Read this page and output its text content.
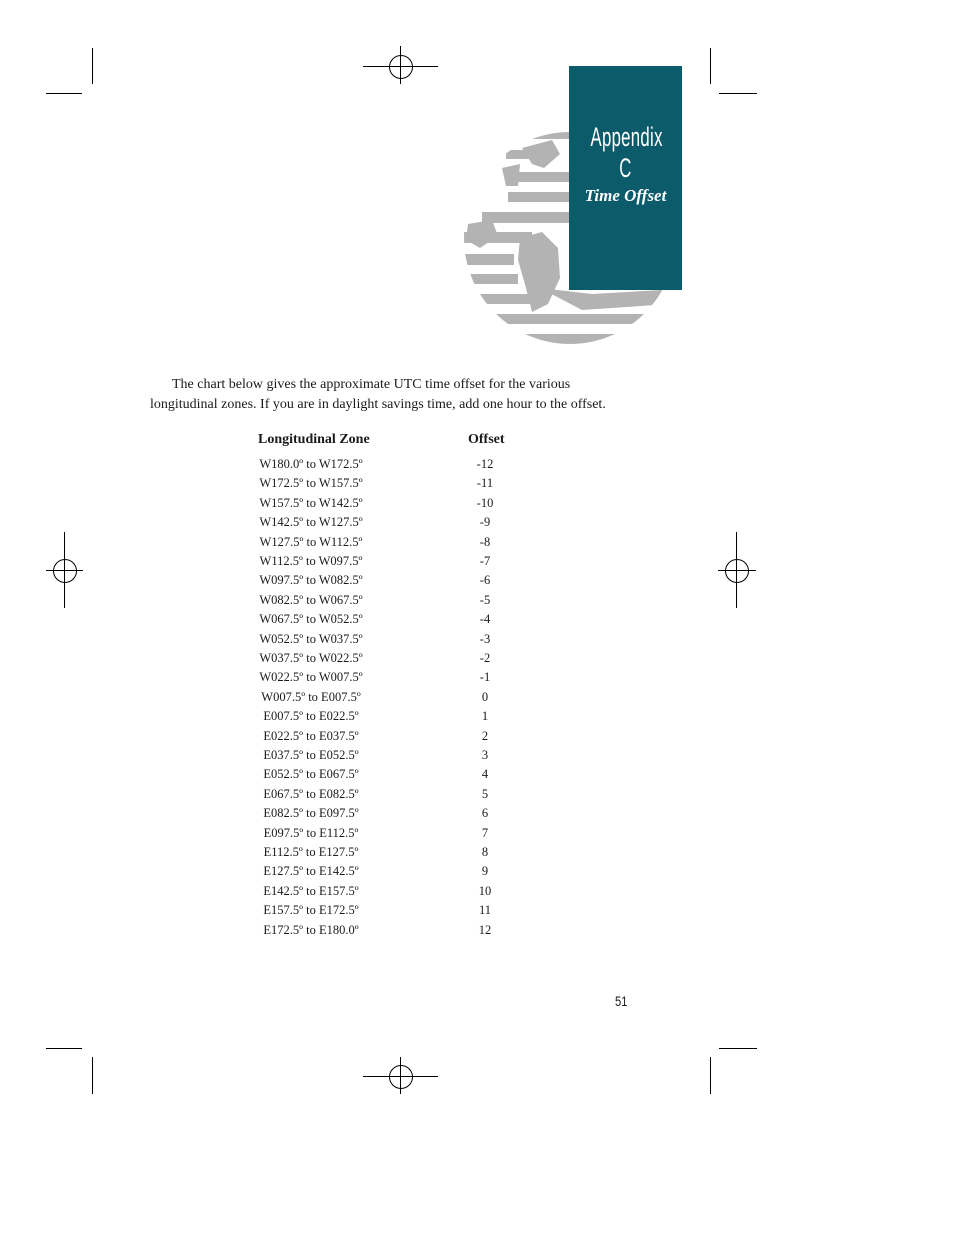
Appendix C
Time Offset

The chart below gives the approximate UTC time offset for the various longitudinal zones. If you are in daylight savings time, add one hour to the offset.

Longitudinal Zone	Offset
W180.0º to W172.5º	-12
W172.5º to W157.5º	-11
W157.5º to W142.5º	-10
W142.5º to W127.5º	-9
W127.5º to W112.5º	-8
W112.5º to W097.5º	-7
W097.5º to W082.5º	-6
W082.5º to W067.5º	-5
W067.5º to W052.5º	-4
W052.5º to W037.5º	-3
W037.5º to W022.5º	-2
W022.5º to W007.5º	-1
W007.5º to E007.5º	0
E007.5º to E022.5º	1
E022.5º to E037.5º	2
E037.5º to E052.5º	3
E052.5º to E067.5º	4
E067.5º to E082.5º	5
E082.5º to E097.5º	6
E097.5º to E112.5º	7
E112.5º to E127.5º	8
E127.5º to E142.5º	9
E142.5º to E157.5º	10
E157.5º to E172.5º	11
E172.5º to E180.0º	12
51
